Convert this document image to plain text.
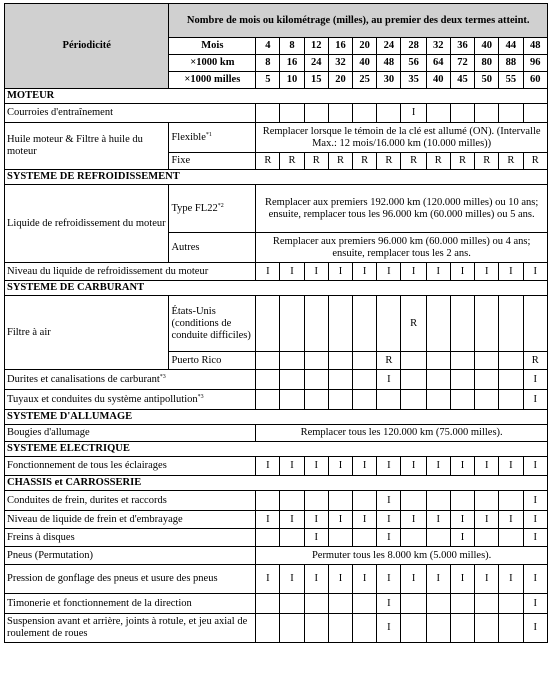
Périodicité	Nombre de mois ou kilométrage (milles), au premier des deux termes atteint.												
	Mois	4	8	12	16	20	24	28	32	36	40	44	48
	×1000 km	8	16	24	32	40	48	56	64	72	80	88	96
	×1000 milles	5	10	15	20	25	30	35	40	45	50	55	60
MOTEUR													
Courroies d'entraînement								I					
Huile moteur & Filtre à huile du moteur	Flexible$^{*1}$	Remplacer lorsque le témoin de la clé est allumé (ON). (Intervalle Max.: 12 mois/16.000 km (10.000 milles))											
	Fixe	R	R	R	R	R	R	R	R	R	R	R	R
SYSTEME DE REFROIDISSEMENT													
Liquide de refroidissement du moteur	Type FL22$^{*2}$	Remplacer aux premiers 192.000 km (120.000 milles) ou 10 ans; ensuite, remplacer tous les 96.000 km (60.000 milles) ou 5 ans.											
	Autres	Remplacer aux premiers 96.000 km (60.000 milles) ou 4 ans; ensuite, remplacer tous les 2 ans.											
Niveau du liquide de refroidissement du moteur		I	I	I	I	I	I	I	I	I	I	I	I
SYSTEME DE CARBURANT													
Filtre à air	États-Unis (conditions de conduite difficiles)							R					
	Puerto Rico						R						R
Durites et canalisations de carburant$^{*3}$							I						I
Tuyaux et conduites du système antipollution$^{*3}$													I
SYSTEME D'ALLUMAGE													
Bougies d'allumage		Remplacer tous les 120.000 km (75.000 milles).											
SYSTEME ELECTRIQUE													
Fonctionnement de tous les éclairages		I	I	I	I	I	I	I	I	I	I	I	I
CHASSIS et CARROSSERIE													
Conduites de frein, durites et raccords							I						I
Niveau de liquide de frein et d'embrayage		I	I	I	I	I	I	I	I	I	I	I	I
Freins à disques				I			I			I			I
Pneus (Permutation)		Permuter tous les 8.000 km (5.000 milles).											
Pression de gonflage des pneus et usure des pneus		I	I	I	I	I	I	I	I	I	I	I	I
Timonerie et fonctionnement de la direction							I						I
Suspension avant et arrière, joints à rotule, et jeu axial de roulement de roues							I						I
